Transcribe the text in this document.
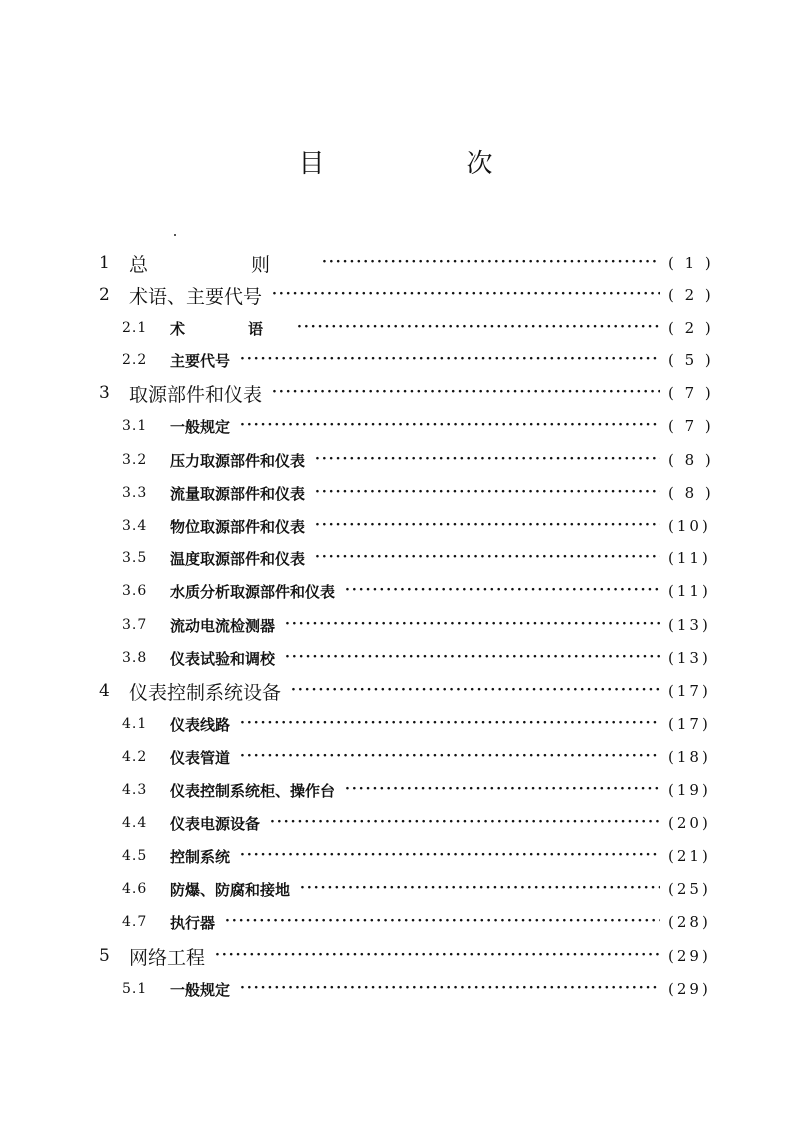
目　次
1	总　则 ·····	( 1 )
2	术语、主要代号 ·····	( 2 )
2.1	术　语 ·····	( 2 )
2.2	主要代号 ·····	( 5 )
3	取源部件和仪表 ·····	( 7 )
3.1	一般规定 ·····	( 7 )
3.2	压力取源部件和仪表 ·····	( 8 )
3.3	流量取源部件和仪表 ·····	( 8 )
3.4	物位取源部件和仪表 ·····	(10)
3.5	温度取源部件和仪表 ·····	(11)
3.6	水质分析取源部件和仪表 ·····	(11)
3.7	流动电流检测器 ·····	(13)
3.8	仪表试验和调校 ·····	(13)
4	仪表控制系统设备 ·····	(17)
4.1	仪表线路 ·····	(17)
4.2	仪表管道 ·····	(18)
4.3	仪表控制系统柜、操作台 ·····	(19)
4.4	仪表电源设备 ·····	(20)
4.5	控制系统 ·····	(21)
4.6	防爆、防腐和接地 ·····	(25)
4.7	执行器 ·····	(28)
5	网络工程 ·····	(29)
5.1	一般规定 ·····	(29)
·····
